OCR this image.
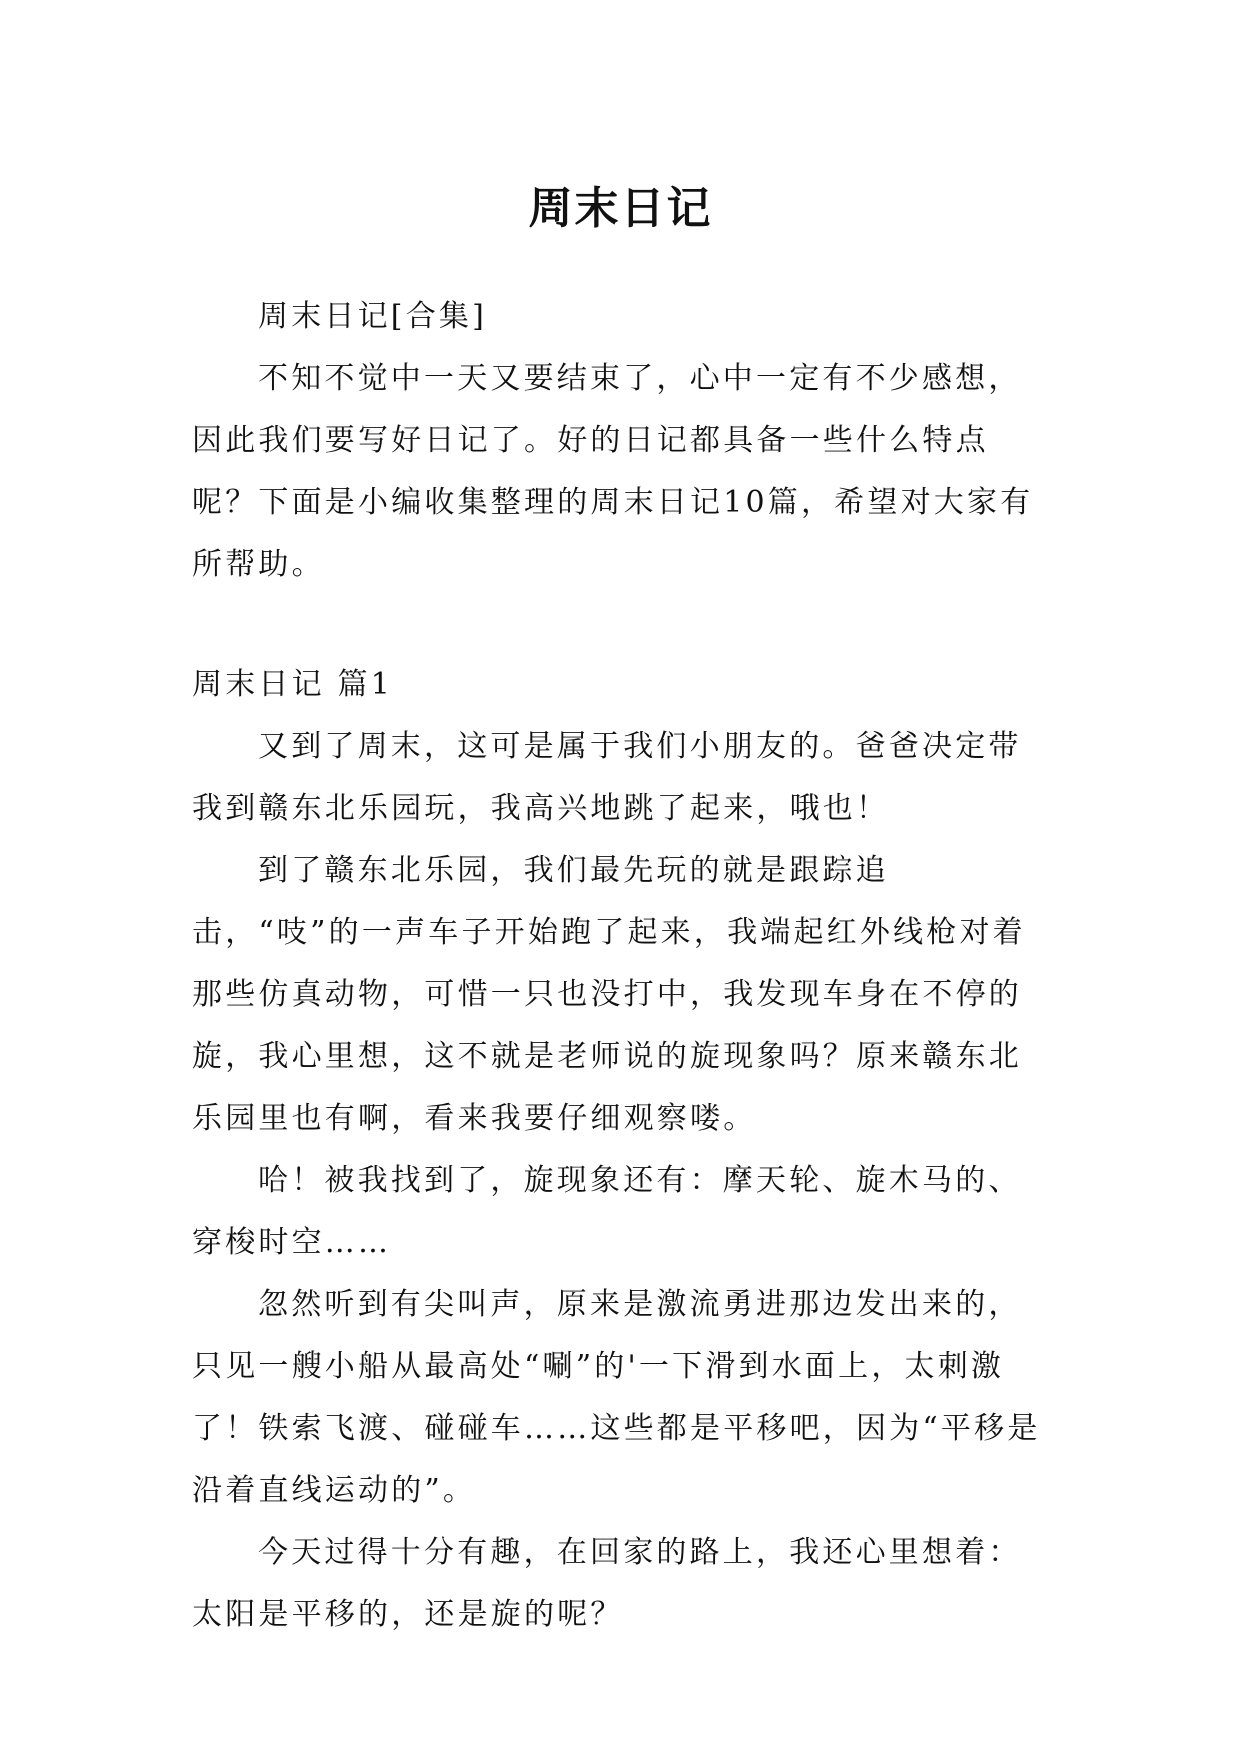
周末日记

周末日记[合集]

不知不觉中一天又要结束了，心中一定有不少感想，因此我们要写好日记了。好的日记都具备一些什么特点呢？下面是小编收集整理的周末日记10篇，希望对大家有所帮助。

周末日记 篇1

又到了周末，这可是属于我们小朋友的。爸爸决定带我到赣东北乐园玩，我高兴地跳了起来，哦也！

到了赣东北乐园，我们最先玩的就是跟踪追击，“吱”的一声车子开始跑了起来，我端起红外线枪对着那些仿真动物，可惜一只也没打中，我发现车身在不停的旋，我心里想，这不就是老师说的旋现象吗？原来赣东北乐园里也有啊，看来我要仔细观察喽。

哈！被我找到了，旋现象还有：摩天轮、旋木马的、穿梭时空……

忽然听到有尖叫声，原来是激流勇进那边发出来的，只见一艘小船从最高处“唰”的'一下滑到水面上，太刺激了！铁索飞渡、碰碰车……这些都是平移吧，因为“平移是沿着直线运动的”。

今天过得十分有趣，在回家的路上，我还心里想着：太阳是平移的，还是旋的呢？
